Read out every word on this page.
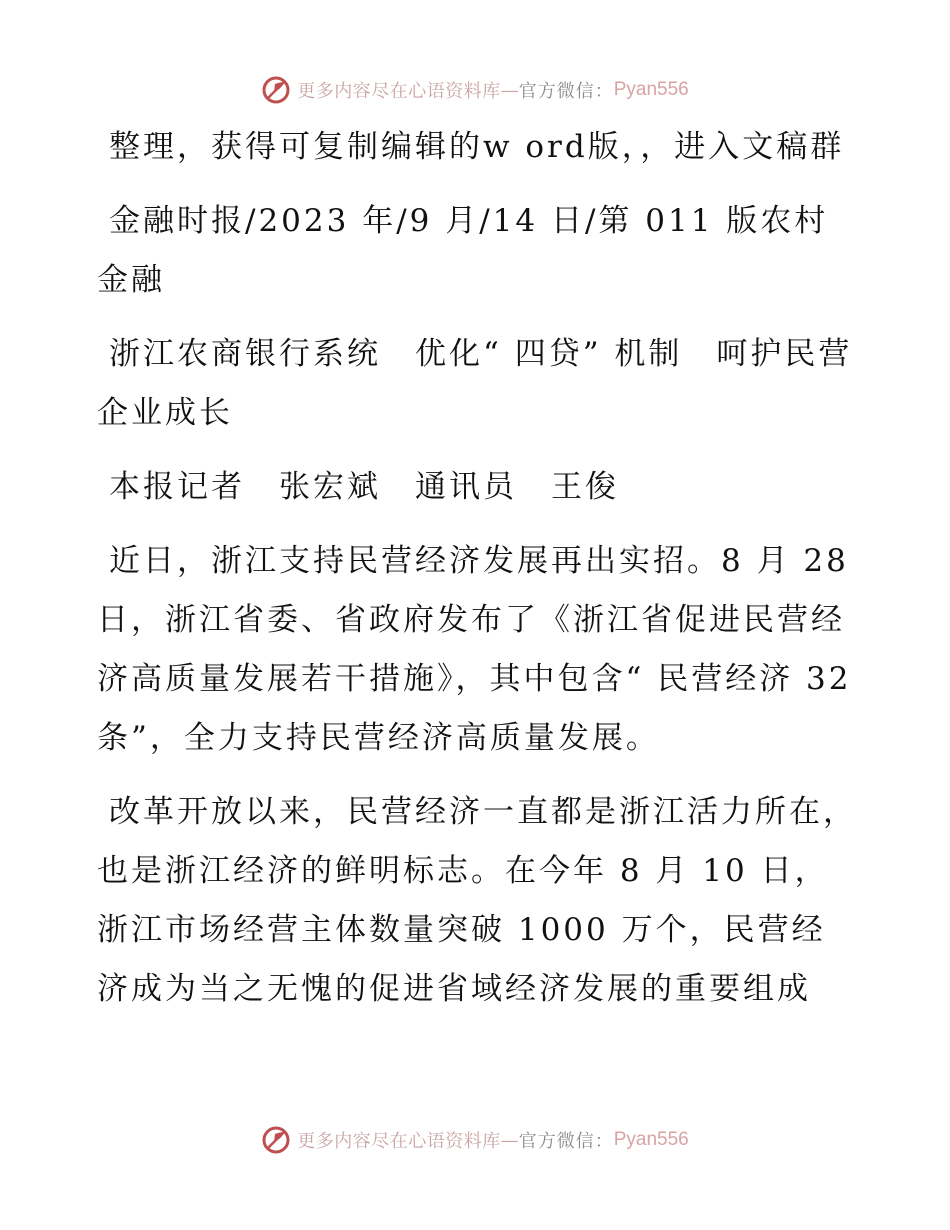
更多内容尽在心语资料库 — 官方微信： Pyan556

整理，获得可复制编辑的w ord版，，进入文稿群

金融时报/2023 年/9 月/14 日/第 011 版农村金融

浙江农商银行系统　优化“ 四贷” 机制　呵护民营企业成长

本报记者　张宏斌　通讯员　王俊

近日，浙江支持民营经济发展再出实招。8 月 28 日，浙江省委、省政府发布了《浙江省促进民营经济高质量发展若干措施》，其中包含“ 民营经济 32 条”，全力支持民营经济高质量发展。

改革开放以来，民营经济一直都是浙江活力所在，也是浙江经济的鲜明标志。在今年 8 月 10 日，浙江市场经营主体数量突破 1000 万个，民营经济成为当之无愧的促进省域经济发展的重要组成

更多内容尽在心语资料库 — 官方微信： Pyan556
